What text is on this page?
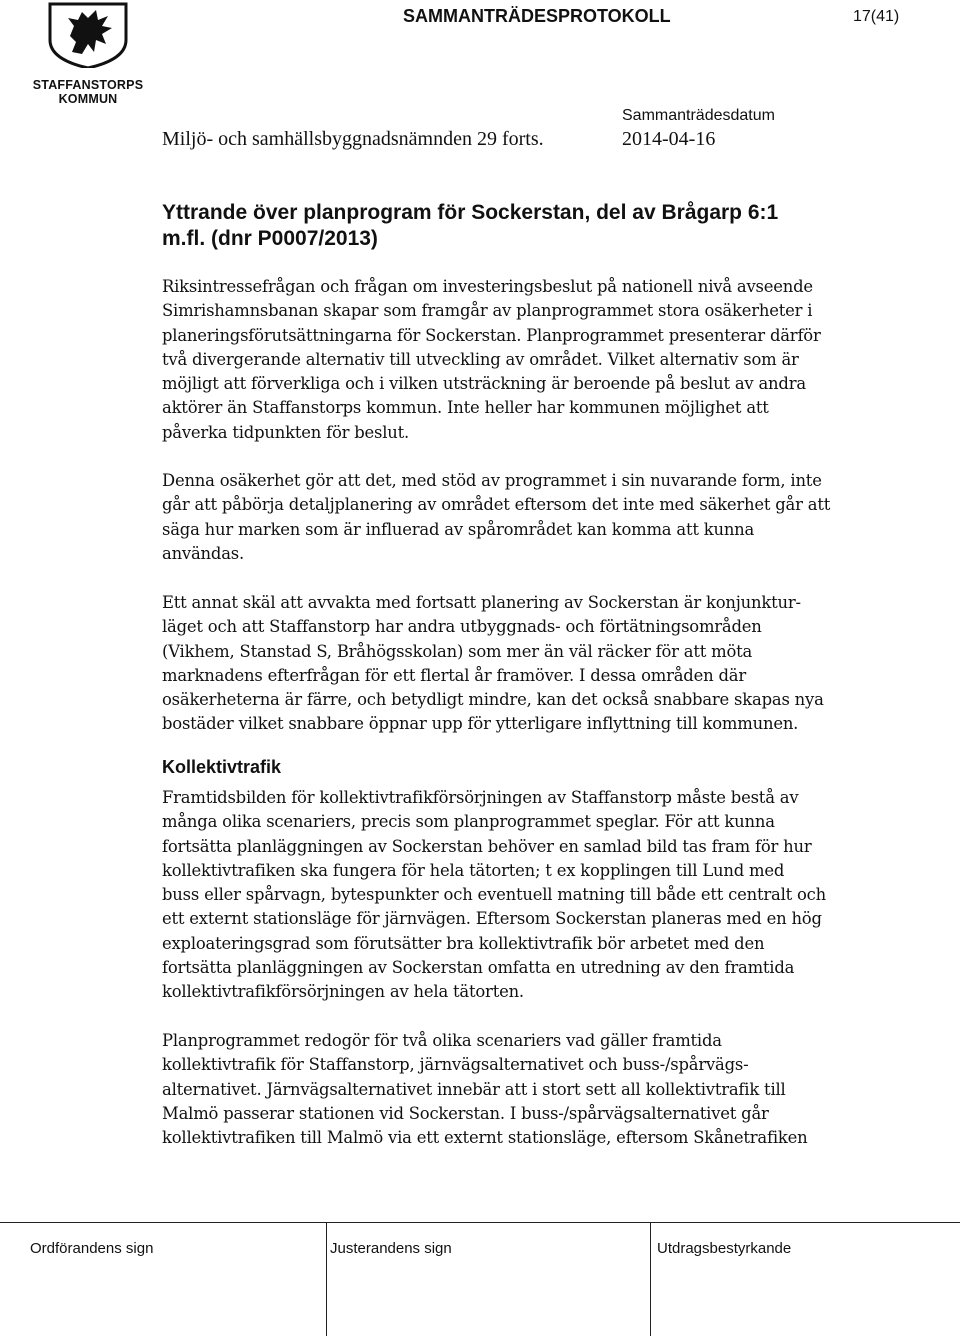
STAFFANSTORPS
KOMMUN
SAMMANTRÄDESPROTOKOLL	17(41)
Sammanträdesdatum
Miljö- och samhällsbyggnadsnämnden 29 forts.	2014-04-16
Yttrande över planprogram för Sockerstan, del av Brågarp 6:1
m.fl. (dnr P0007/2013)
Riksintressefrågan och frågan om investeringsbeslut på nationell nivå avseende
Simrishamnsbanan skapar som framgår av planprogrammet stora osäkerheter i
planeringsförutsättningarna för Sockerstan. Planprogrammet presenterar därför
två divergerande alternativ till utveckling av området. Vilket alternativ som är
möjligt att förverkliga och i vilken utsträckning är beroende på beslut av andra
aktörer än Staffanstorps kommun. Inte heller har kommunen möjlighet att
påverka tidpunkten för beslut.
Denna osäkerhet gör att det, med stöd av programmet i sin nuvarande form, inte
går att påbörja detaljplanering av området eftersom det inte med säkerhet går att
säga hur marken som är influerad av spårområdet kan komma att kunna
användas.
Ett annat skäl att avvakta med fortsatt planering av Sockerstan är konjunktur-
läget och att Staffanstorp har andra utbyggnads- och förtätningsområden
(Vikhem, Stanstad S, Bråhögsskolan) som mer än väl räcker för att möta
marknadens efterfrågan för ett flertal år framöver. I dessa områden där
osäkerheterna är färre, och betydligt mindre, kan det också snabbare skapas nya
bostäder vilket snabbare öppnar upp för ytterligare inflyttning till kommunen.
Kollektivtrafik
Framtidsbilden för kollektivtrafikförsörjningen av Staffanstorp måste bestå av
många olika scenariers, precis som planprogrammet speglar. För att kunna
fortsätta planläggningen av Sockerstan behöver en samlad bild tas fram för hur
kollektivtrafiken ska fungera för hela tätorten; t ex kopplingen till Lund med
buss eller spårvagn, bytespunkter och eventuell matning till både ett centralt och
ett externt stationsläge för järnvägen. Eftersom Sockerstan planeras med en hög
exploateringsgrad som förutsätter bra kollektivtrafik bör arbetet med den
fortsätta planläggningen av Sockerstan omfatta en utredning av den framtida
kollektivtrafikförsörjningen av hela tätorten.
Planprogrammet redogör för två olika scenariers vad gäller framtida
kollektivtrafik för Staffanstorp, järnvägsalternativet och buss-/spårvägs-
alternativet. Järnvägsalternativet innebär att i stort sett all kollektivtrafik till
Malmö passerar stationen vid Sockerstan. I buss-/spårvägsalternativet går
kollektivtrafiken till Malmö via ett externt stationsläge, eftersom Skånetrafiken
Ordförandens sign	Justerandens sign	Utdragsbestyrkande
